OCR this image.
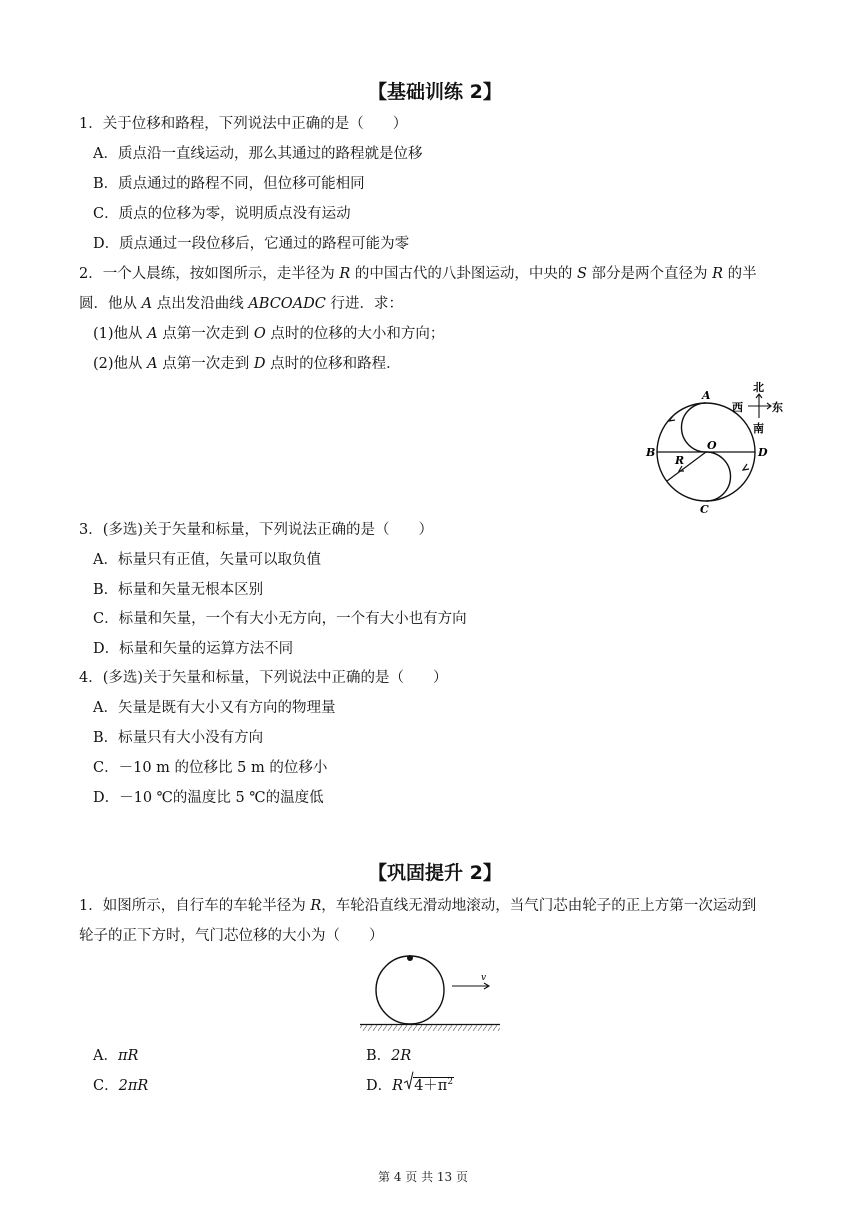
【基础训练 2】
1．关于位移和路程，下列说法中正确的是（　　）
A．质点沿一直线运动，那么其通过的路程就是位移
B．质点通过的路程不同，但位移可能相同
C．质点的位移为零，说明质点没有运动
D．质点通过一段位移后，它通过的路程可能为零
2．一个人晨练，按如图所示，走半径为 R 的中国古代的八卦图运动，中央的 S 部分是两个直径为 R 的半
圆．他从 A 点出发沿曲线 ABCOADC 行进．求：
(1)他从 A 点第一次走到 O 点时的位移的大小和方向；
(2)他从 A 点第一次走到 D 点时的位移和路程．
A
B
C
D
O
R
北
西	东
南
3．(多选)关于矢量和标量，下列说法正确的是（　　）
A．标量只有正值，矢量可以取负值
B．标量和矢量无根本区别
C．标量和矢量，一个有大小无方向，一个有大小也有方向
D．标量和矢量的运算方法不同
4．(多选)关于矢量和标量，下列说法中正确的是（　　）
A．矢量是既有大小又有方向的物理量
B．标量只有大小没有方向
C．－10 m 的位移比 5 m 的位移小
D．－10 ℃的温度比 5 ℃的温度低
【巩固提升 2】
1．如图所示，自行车的车轮半径为 R，车轮沿直线无滑动地滚动，当气门芯由轮子的正上方第一次运动到
轮子的正下方时，气门芯位移的大小为（　　）
v
A．πR	B．2R
C．2πR	D．R $4+\pi^2$
第 4 页 共 13 页
